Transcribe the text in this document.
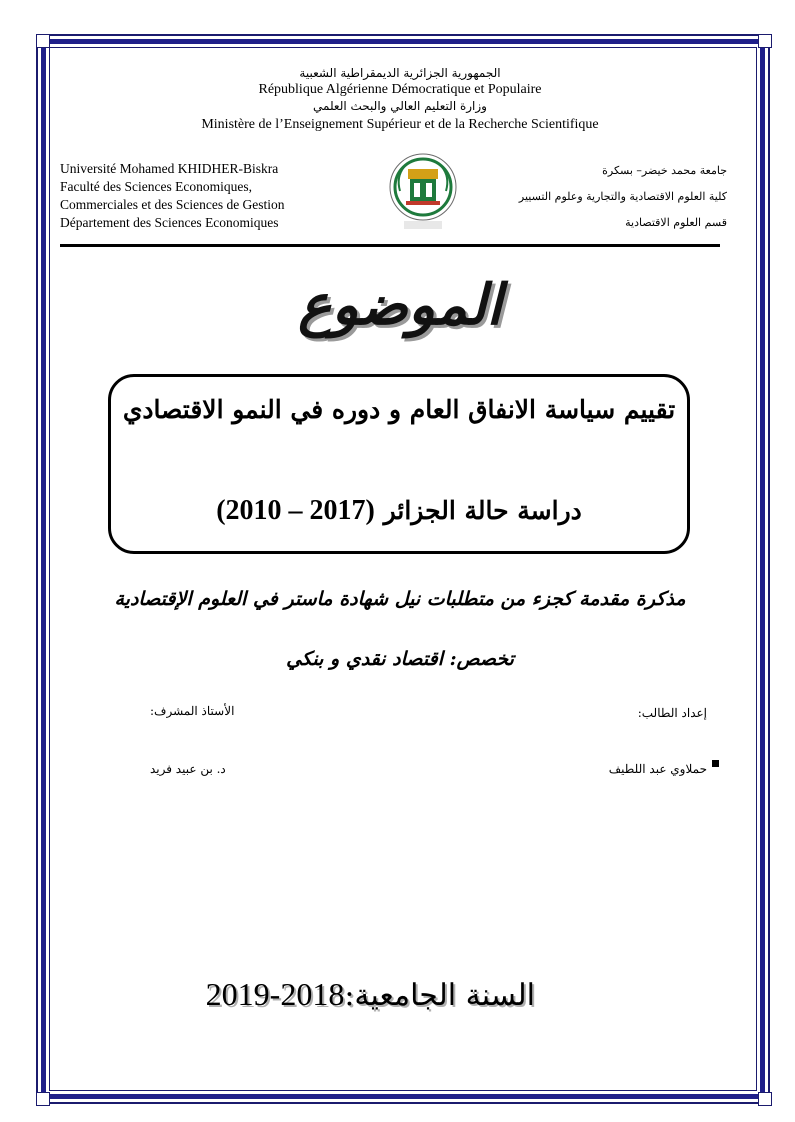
الجمهورية الجزائرية الديمقراطية الشعبية
République Algérienne Démocratique et Populaire
وزارة التعليم العالي والبحث العلمي
Ministère de l’Enseignement Supérieur et de la Recherche Scientifique
Université Mohamed KHIDHER-Biskra
Faculté des Sciences Economiques,
Commerciales et des Sciences de Gestion
Département des Sciences Economiques
جامعة محمد خيضر– بسكرة
كلية العلوم الاقتصادية والتجارية وعلوم التسيير
قسم العلوم الاقتصادية
الموضوع
تقييم سياسة الانفاق العام و دوره في النمو الاقتصادي
دراسة حالة الجزائر (2010 – 2017)
مذكرة مقدمة كجزء من متطلبات نيل شهادة ماستر في العلوم الإقتصادية
تخصص: اقتصاد نقدي و بنكي
إعداد الطالب:
الأستاذ المشرف:
حملاوي عبد اللطيف
د. بن عبيد فريد
السنة الجامعية:2019-2018
